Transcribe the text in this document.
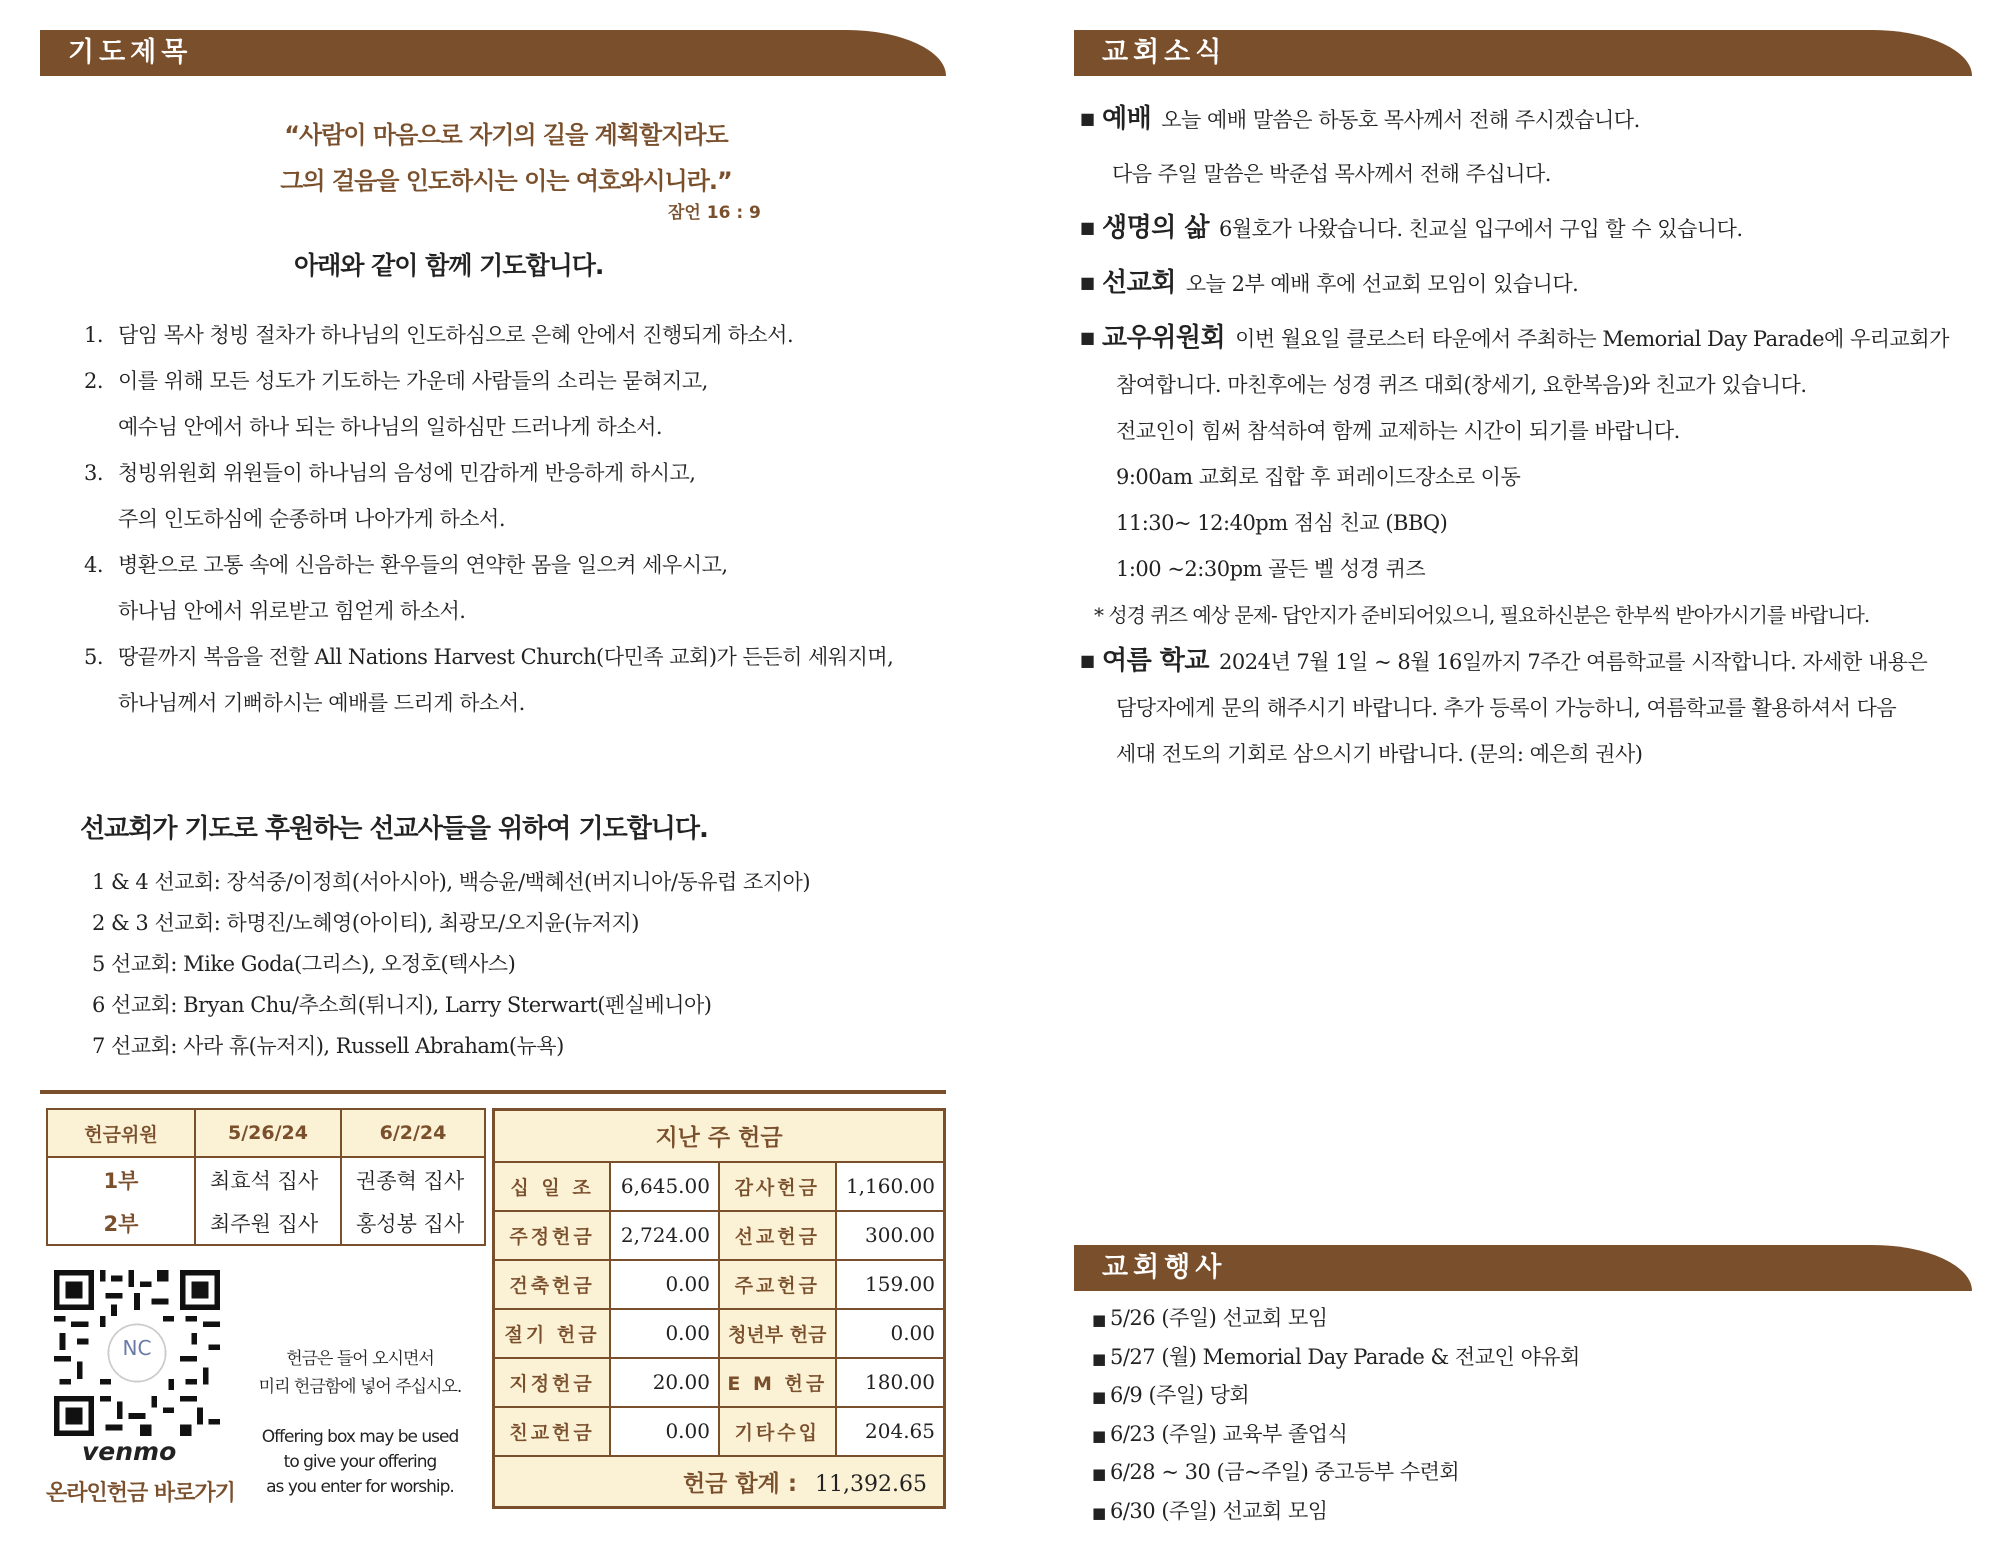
기도제목
“사람이 마음으로 자기의 길을 계획할지라도
그의 걸음을 인도하시는 이는 여호와시니라.”
잠언 16 : 9
아래와 같이 함께 기도합니다.
1. 담임 목사 청빙 절차가 하나님의 인도하심으로 은혜 안에서 진행되게 하소서.
2. 이를 위해 모든 성도가 기도하는 가운데 사람들의 소리는 묻혀지고,
예수님 안에서 하나 되는 하나님의 일하심만 드러나게 하소서.
3. 청빙위원회 위원들이 하나님의 음성에 민감하게 반응하게 하시고,
주의 인도하심에 순종하며 나아가게 하소서.
4. 병환으로 고통 속에 신음하는 환우들의 연약한 몸을 일으켜 세우시고,
하나님 안에서 위로받고 힘얻게 하소서.
5. 땅끝까지 복음을 전할 All Nations Harvest Church(다민족 교회)가 든든히 세워지며,
하나님께서 기뻐하시는 예배를 드리게 하소서.
선교회가 기도로 후원하는 선교사들을 위하여 기도합니다.
1 & 4 선교회: 장석중/이정희(서아시아), 백승윤/백혜선(버지니아/동유럽 조지아)
2 & 3 선교회: 하명진/노혜영(아이티), 최광모/오지윤(뉴저지)
5 선교회: Mike Goda(그리스), 오정호(텍사스)
6 선교회: Bryan Chu/추소희(튀니지), Larry Sterwart(펜실베니아)
7 선교회: 사라 휴(뉴저지), Russell Abraham(뉴욕)
헌금위원	5/26/24	6/2/24
1부	최효석 집사	권종혁 집사
2부	최주원 집사	홍성봉 집사
지난 주 헌금			
십 일 조	6,645.00	감사헌금	1,160.00
주정헌금	2,724.00	선교헌금	300.00
건축헌금	0.00	주교헌금	159.00
절기 헌금	0.00	청년부 헌금	0.00
지정헌금	20.00	E M 헌금	180.00
친교헌금	0.00	기타수입	204.65
헌금 합계 : 11,392.65			
NC
venmo
온라인헌금 바로가기
헌금은 들어 오시면서
미리 헌금함에 넣어 주십시오.
Offering box may be used
to give your offering
as you enter for worship.
교회소식
■ 예배 오늘 예배 말씀은 하동호 목사께서 전해 주시겠습니다.
다음 주일 말씀은 박준섭 목사께서 전해 주십니다.
■ 생명의 삶 6월호가 나왔습니다. 친교실 입구에서 구입 할 수 있습니다.
■ 선교회 오늘 2부 예배 후에 선교회 모임이 있습니다.
■ 교우위원회 이번 월요일 클로스터 타운에서 주최하는 Memorial Day Parade에 우리교회가
참여합니다. 마친후에는 성경 퀴즈 대회(창세기, 요한복음)와 친교가 있습니다.
전교인이 힘써 참석하여 함께 교제하는 시간이 되기를 바랍니다.
9:00am 교회로 집합 후 퍼레이드장소로 이동
11:30~ 12:40pm 점심 친교 (BBQ)
1:00 ~2:30pm 골든 벨 성경 퀴즈
* 성경 퀴즈 예상 문제- 답안지가 준비되어있으니, 필요하신분은 한부씩 받아가시기를 바랍니다.
■ 여름 학교 2024년 7월 1일 ~ 8월 16일까지 7주간 여름학교를 시작합니다. 자세한 내용은
담당자에게 문의 해주시기 바랍니다. 추가 등록이 가능하니, 여름학교를 활용하셔서 다음
세대 전도의 기회로 삼으시기 바랍니다. (문의: 예은희 권사)
교회행사
■ 5/26 (주일) 선교회 모임
■ 5/27 (월) Memorial Day Parade & 전교인 야유회
■ 6/9 (주일) 당회
■ 6/23 (주일) 교육부 졸업식
■ 6/28 ~ 30 (금~주일) 중고등부 수련회
■ 6/30 (주일) 선교회 모임
